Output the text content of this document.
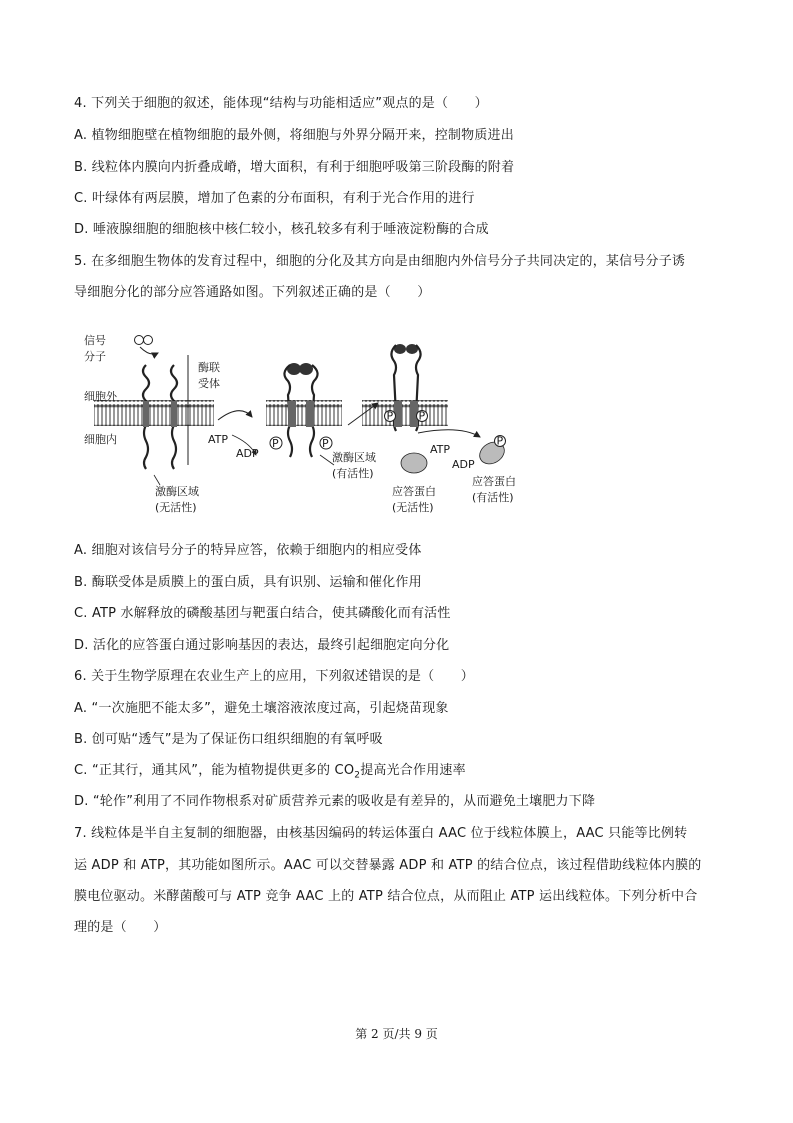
4. 下列关于细胞的叙述，能体现“结构与功能相适应”观点的是（　　）
A. 植物细胞壁在植物细胞的最外侧，将细胞与外界分隔开来，控制物质进出
B. 线粒体内膜向内折叠成嵴，增大面积，有利于细胞呼吸第三阶段酶的附着
C. 叶绿体有两层膜，增加了色素的分布面积，有利于光合作用的进行
D. 唾液腺细胞的细胞核中核仁较小，核孔较多有利于唾液淀粉酶的合成
5. 在多细胞生物体的发育过程中，细胞的分化及其方向是由细胞内外信号分子共同决定的，某信号分子诱
导细胞分化的部分应答通路如图。下列叙述正确的是（　　）
信号
分子
酶联
受体
细胞外
细胞内
激酶区域
(无活性)
ATP
ADP
P	P
激酶区域
(有活性)
P P
ATP
ADP
P
应答蛋白
(无活性)
应答蛋白
(有活性)
A. 细胞对该信号分子的特异应答，依赖于细胞内的相应受体
B. 酶联受体是质膜上的蛋白质，具有识别、运输和催化作用
C. ATP 水解释放的磷酸基团与靶蛋白结合，使其磷酸化而有活性
D. 活化的应答蛋白通过影响基因的表达，最终引起细胞定向分化
6. 关于生物学原理在农业生产上的应用，下列叙述错误的是（　　）
A. “一次施肥不能太多”，避免土壤溶液浓度过高，引起烧苗现象
B. 创可贴“透气”是为了保证伤口组织细胞的有氧呼吸
C. “正其行，通其风”，能为植物提供更多的 $CO_2$提高光合作用速率
D. “轮作”利用了不同作物根系对矿质营养元素的吸收是有差异的，从而避免土壤肥力下降
7. 线粒体是半自主复制的细胞器，由核基因编码的转运体蛋白 AAC 位于线粒体膜上，AAC 只能等比例转
运 ADP 和 ATP，其功能如图所示。AAC 可以交替暴露 ADP 和 ATP 的结合位点，该过程借助线粒体内膜的
膜电位驱动。米酵菌酸可与 ATP 竞争 AAC 上的 ATP 结合位点，从而阻止 ATP 运出线粒体。下列分析中合
理的是（　　）
第 2 页/共 9 页
